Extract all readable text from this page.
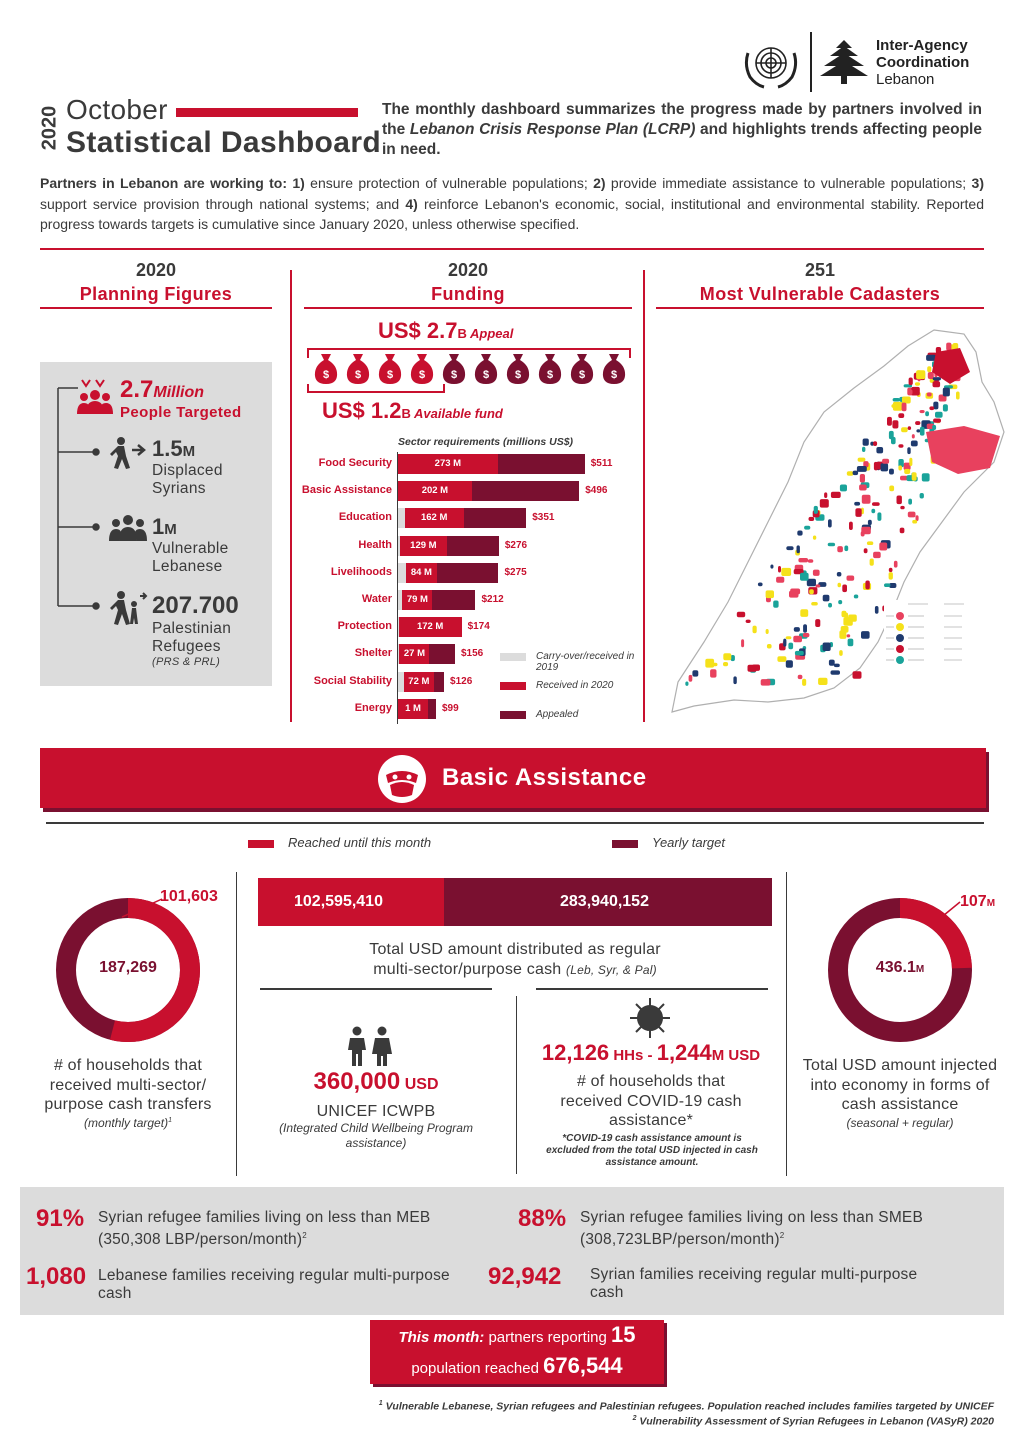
2020 October
Statistical Dashboard
The monthly dashboard summarizes the progress made by partners involved in the Lebanon Crisis Response Plan (LCRP) and highlights trends affecting people in need.
Inter-Agency
Coordination
Lebanon
Partners in Lebanon are working to: 1) ensure protection of vulnerable populations; 2) provide immediate assistance to vulnerable populations; 3) support service provision through national systems; and 4) reinforce Lebanon's economic, social, institutional and environmental stability. Reported progress towards targets is cumulative since January 2020, unless otherwise specified.
2020
Planning Figures
2020
Funding
251
Most Vulnerable Cadasters
2.7Million
People Targeted
1.5M
Displaced
Syrians
1M
Vulnerable
Lebanese
207.700
Palestinian
Refugees
(PRS & PRL)
US$ 2.7B Appeal
$ $ $ $ $ $ $ $ $ $
US$ 1.2B Available fund
Sector requirements (millions US$)
Food Security	273 M	$511
Basic Assistance	202 M	$496
Education	162 M	$351
Health	129 M	$276
Livelihoods	84 M	$275
Water	79 M	$212
Protection	172 M	$174
Shelter	27 M	$156
Social Stability	72 M	$126
Energy	1 M	$99
Carry-over/received in 2019
Received in 2020
Appealed
Basic Assistance
Reached until this month	Yearly target
101,603
187,269
# of households that received multi-sector/ purpose cash transfers
(monthly target)$^1$
102,595,410	283,940,152
Total USD amount distributed as regular
multi-sector/purpose cash (Leb, Syr, & Pal)
360,000 USD
UNICEF ICWPB
(Integrated Child Wellbeing Program assistance)
12,126 HHs - 1,244M USD
# of households that received COVID-19 cash assistance*
*COVID-19 cash assistance amount is excluded from the total USD injected in cash assistance amount.
107M
436.1M
Total USD amount injected into economy in forms of cash assistance
(seasonal + regular)
91% Syrian refugee families living on less than MEB (350,308 LBP/person/month)$^2$
88% Syrian refugee families living on less than SMEB (308,723LBP/person/month)$^2$
1,080 Lebanese families receiving regular multi-purpose cash
92,942 Syrian families receiving regular multi-purpose cash
This month: partners reporting 15
population reached 676,544
$^1$ Vulnerable Lebanese, Syrian refugees and Palestinian refugees. Population reached includes families targeted by UNICEF
$^2$ Vulnerability Assessment of Syrian Refugees in Lebanon (VASyR) 2020
